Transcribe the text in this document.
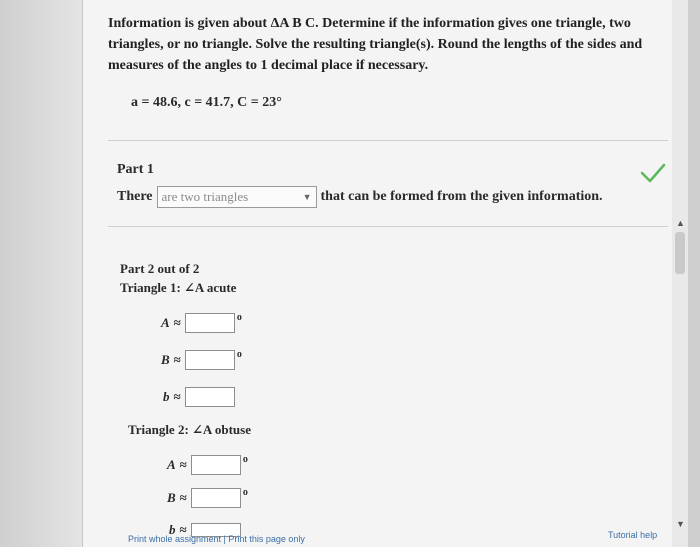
Information is given about ΔA B C. Determine if the information gives one triangle, two triangles, or no triangle. Solve the resulting triangle(s). Round the lengths of the sides and measures of the angles to 1 decimal place if necessary.
a = 48.6, c = 41.7, C = 23°
Part 1
There are two triangles	▼ that can be formed from the given information.
Part 2 out of 2
Triangle 1: ∠A acute
A ≈	o
B ≈	o
b ≈
Triangle 2: ∠A obtuse
A ≈	o
B ≈	o
b ≈
Print whole assignment | Print this page only	Tutorial help
▲
▼
